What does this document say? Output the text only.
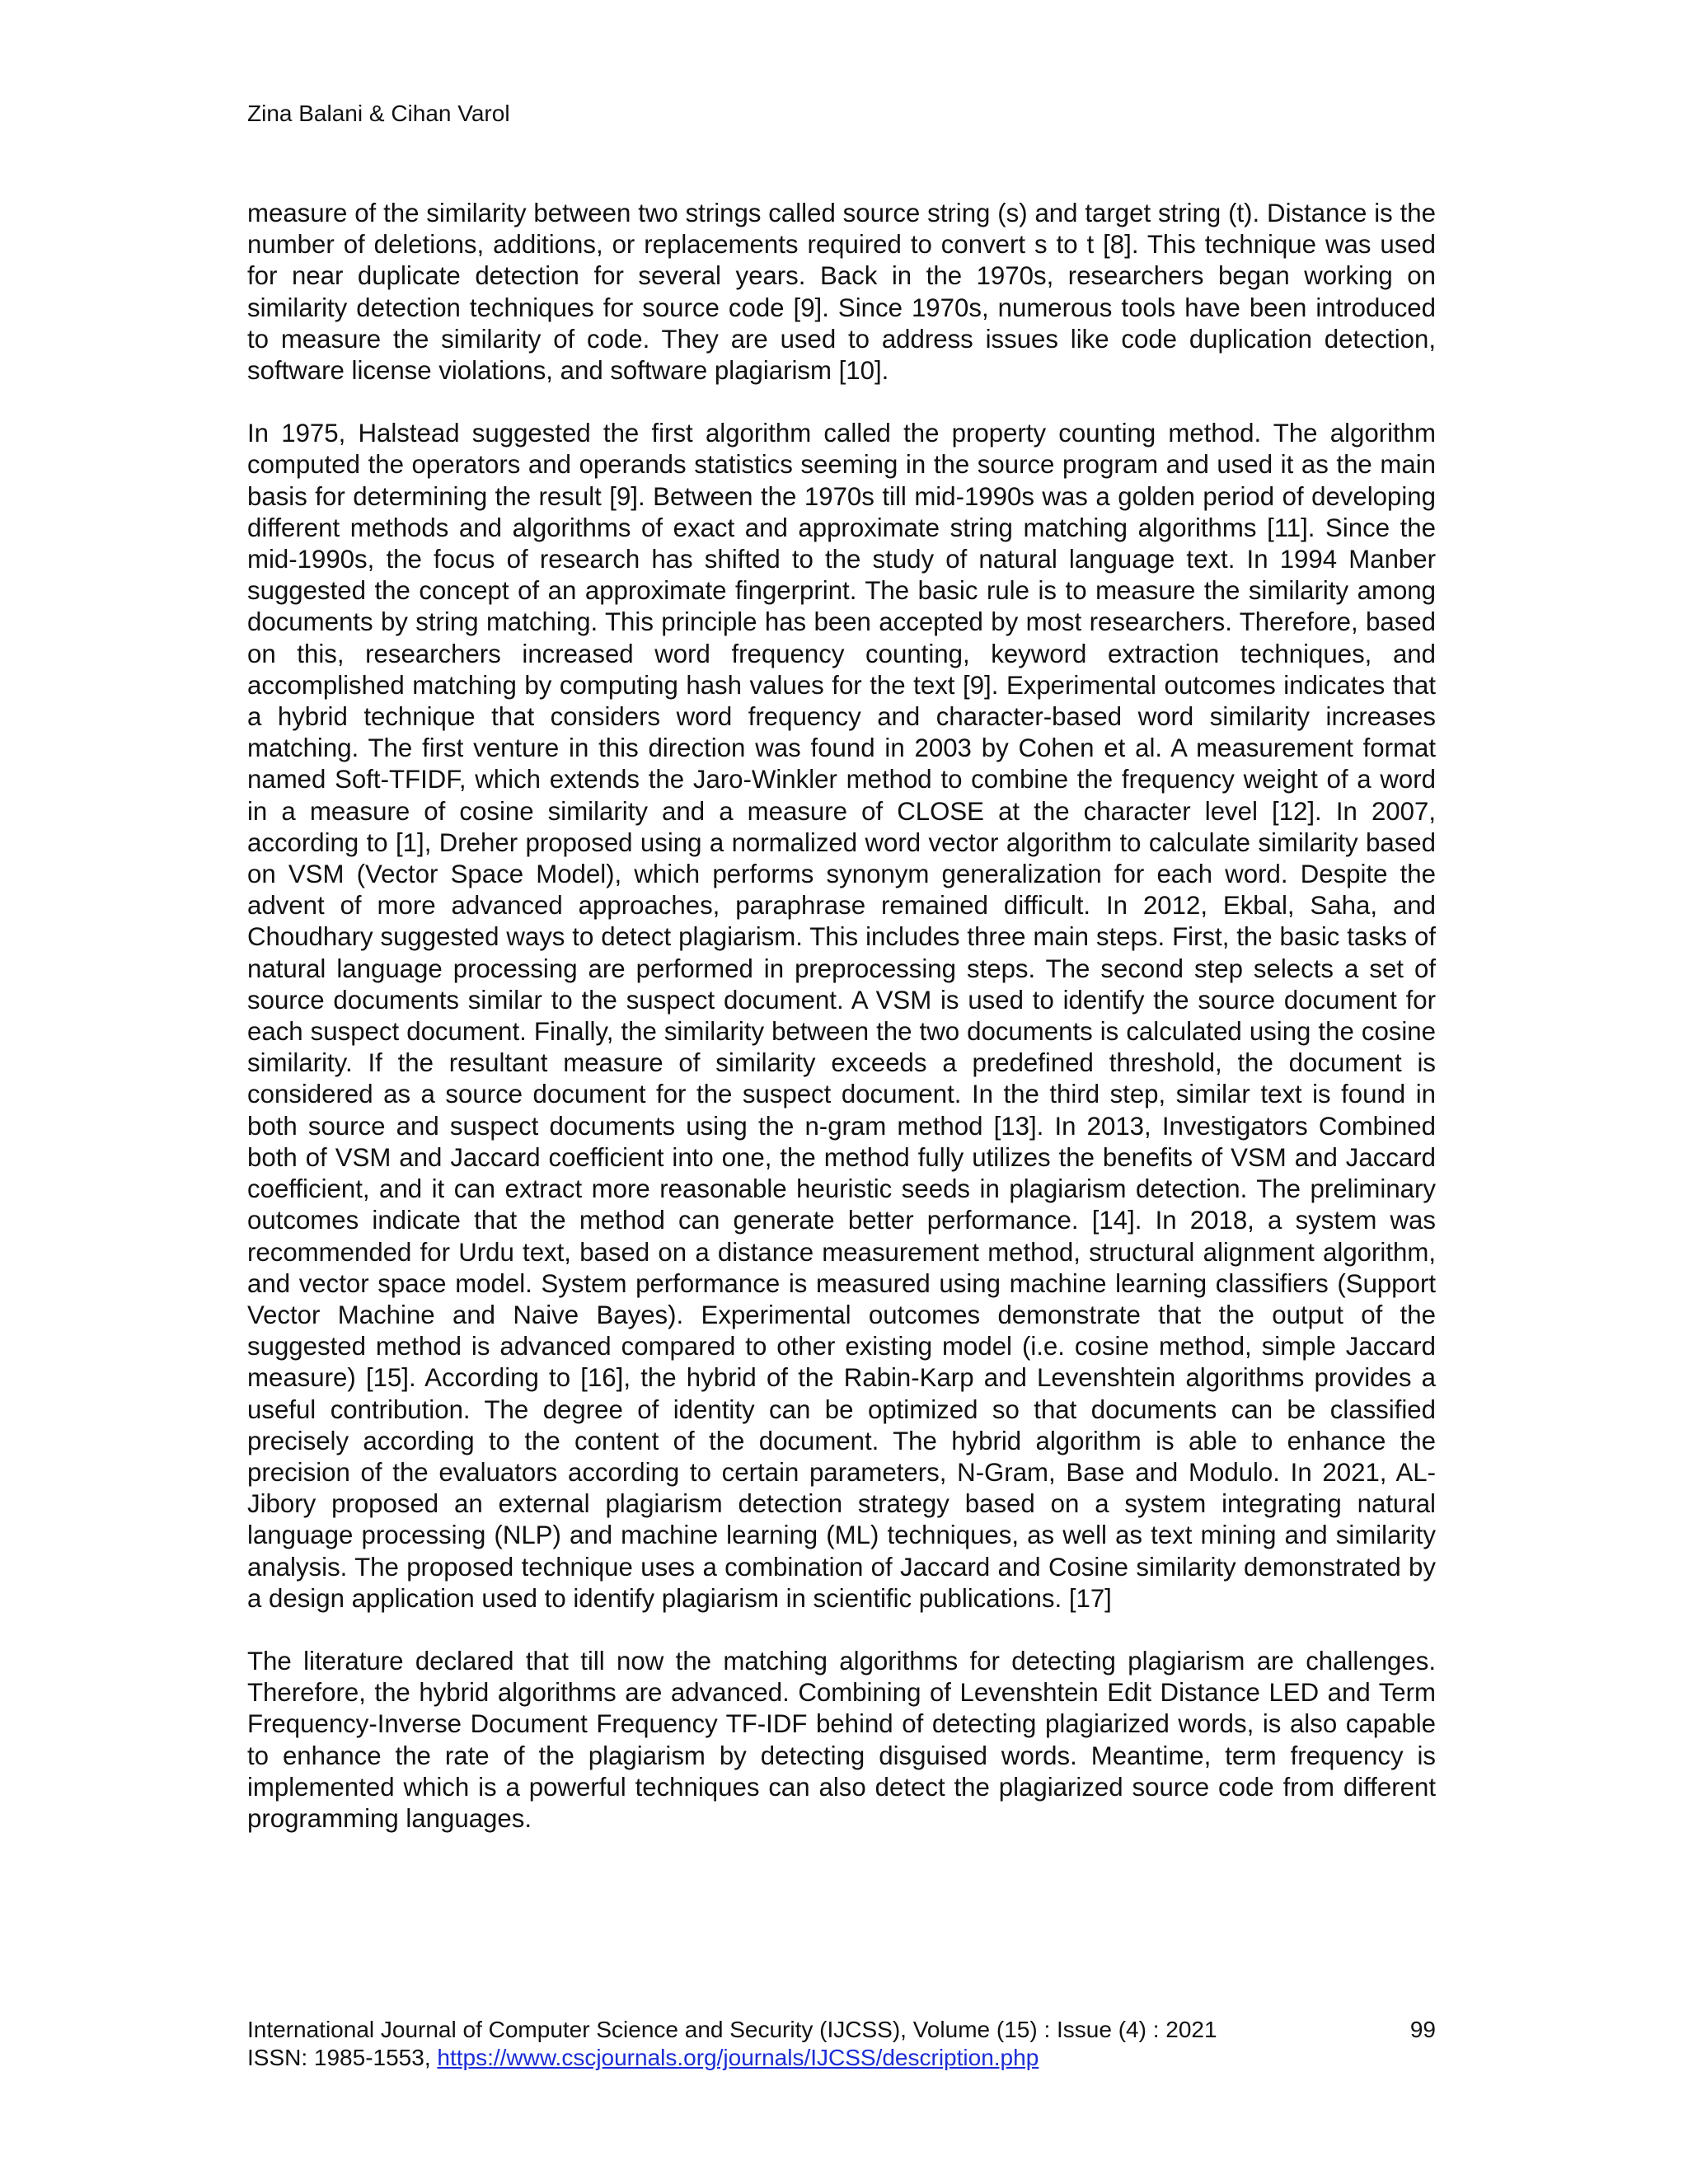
Zina Balani & Cihan Varol

measure of the similarity between two strings called source string (s) and target string (t). Distance is the number of deletions, additions, or replacements required to convert s to t [8]. This technique was used for near duplicate detection for several years. Back in the 1970s, researchers began working on similarity detection techniques for source code [9]. Since 1970s, numerous tools have been introduced to measure the similarity of code. They are used to address issues like code duplication detection, software license violations, and software plagiarism [10].

In 1975, Halstead suggested the first algorithm called the property counting method. The algorithm computed the operators and operands statistics seeming in the source program and used it as the main basis for determining the result [9]. Between the 1970s till mid-1990s was a golden period of developing different methods and algorithms of exact and approximate string matching algorithms [11]. Since the mid-1990s, the focus of research has shifted to the study of natural language text. In 1994 Manber suggested the concept of an approximate fingerprint. The basic rule is to measure the similarity among documents by string matching. This principle has been accepted by most researchers. Therefore, based on this, researchers increased word frequency counting, keyword extraction techniques, and accomplished matching by computing hash values for the text [9]. Experimental outcomes indicates that a hybrid technique that considers word frequency and character-based word similarity increases matching. The first venture in this direction was found in 2003 by Cohen et al. A measurement format named Soft-TFIDF, which extends the Jaro-Winkler method to combine the frequency weight of a word in a measure of cosine similarity and a measure of CLOSE at the character level [12]. In 2007, according to [1], Dreher proposed using a normalized word vector algorithm to calculate similarity based on VSM (Vector Space Model), which performs synonym generalization for each word. Despite the advent of more advanced approaches, paraphrase remained difficult. In 2012, Ekbal, Saha, and Choudhary suggested ways to detect plagiarism. This includes three main steps. First, the basic tasks of natural language processing are performed in preprocessing steps. The second step selects a set of source documents similar to the suspect document. A VSM is used to identify the source document for each suspect document. Finally, the similarity between the two documents is calculated using the cosine similarity. If the resultant measure of similarity exceeds a predefined threshold, the document is considered as a source document for the suspect document. In the third step, similar text is found in both source and suspect documents using the n-gram method [13]. In 2013, Investigators Combined both of VSM and Jaccard coefficient into one, the method fully utilizes the benefits of VSM and Jaccard coefficient, and it can extract more reasonable heuristic seeds in plagiarism detection. The preliminary outcomes indicate that the method can generate better performance. [14]. In 2018, a system was recommended for Urdu text, based on a distance measurement method, structural alignment algorithm, and vector space model. System performance is measured using machine learning classifiers (Support Vector Machine and Naive Bayes). Experimental outcomes demonstrate that the output of the suggested method is advanced compared to other existing model (i.e. cosine method, simple Jaccard measure) [15]. According to [16], the hybrid of the Rabin-Karp and Levenshtein algorithms provides a useful contribution. The degree of identity can be optimized so that documents can be classified precisely according to the content of the document. The hybrid algorithm is able to enhance the precision of the evaluators according to certain parameters, N-Gram, Base and Modulo. In 2021, AL-Jibory proposed an external plagiarism detection strategy based on a system integrating natural language processing (NLP) and machine learning (ML) techniques, as well as text mining and similarity analysis. The proposed technique uses a combination of Jaccard and Cosine similarity demonstrated by a design application used to identify plagiarism in scientific publications. [17]

The literature declared that till now the matching algorithms for detecting plagiarism are challenges. Therefore, the hybrid algorithms are advanced. Combining of Levenshtein Edit Distance LED and Term Frequency-Inverse Document Frequency TF-IDF behind of detecting plagiarized words, is also capable to enhance the rate of the plagiarism by detecting disguised words. Meantime, term frequency is implemented which is a powerful techniques can also detect the plagiarized source code from different programming languages.

International Journal of Computer Science and Security (IJCSS), Volume (15) : Issue (4) : 2021	99
ISSN: 1985-1553, https://www.cscjournals.org/journals/IJCSS/description.php
